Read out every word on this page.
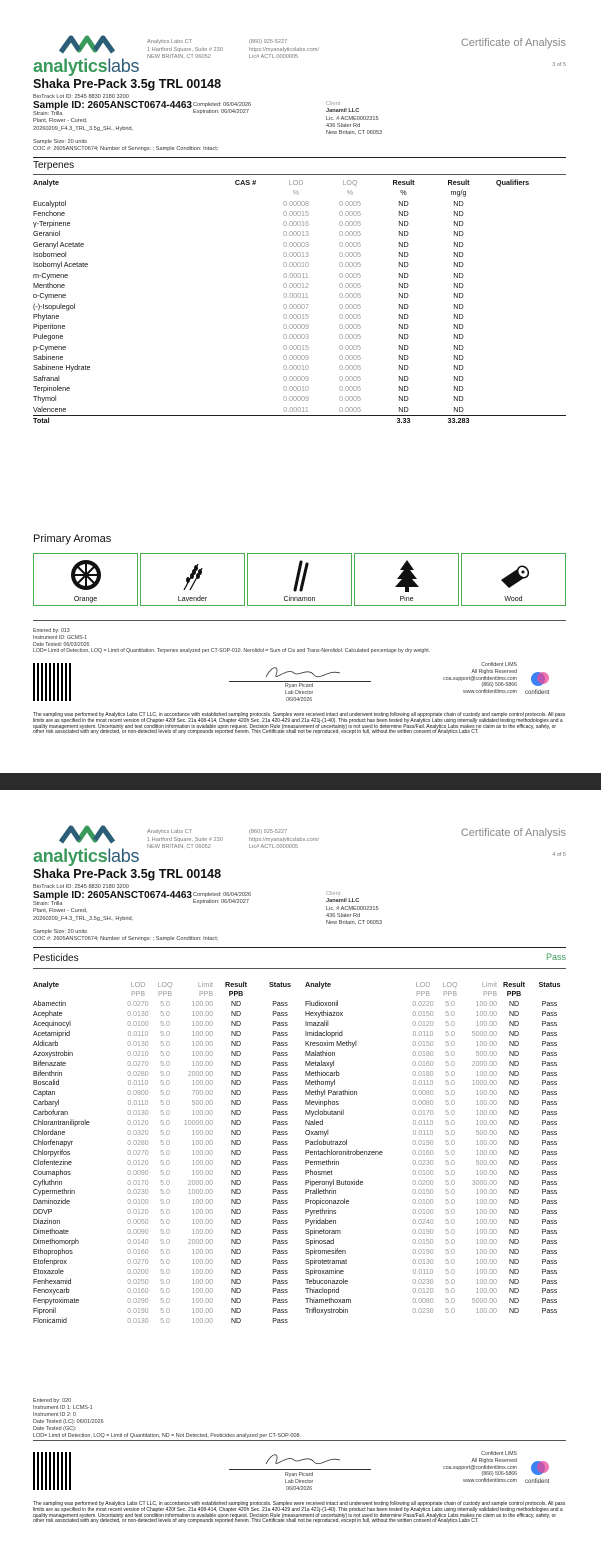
analyticslabs
Analytics Labs CT
1 Hartford Square, Suite # 230
NEW BRITAIN, CT 06052
(860) 925-5227
https://myanalyticslabs.com/
Lic# ACTL.0000005
Certificate of Analysis
3 of 5
Shaka Pre-Pack 3.5g TRL 00148
BioTrack Lot ID: 2545 8830 2180 3200
Sample ID: 2605ANSCT0674-4463 Completed: 06/04/2026
Expiration: 06/04/2027
Strain: Trilla
Plant, Flower - Cured,
20260209_F4.3_TRL_3.5g_SH., Hybrid,
Sample Size: 20 units
COC #: 2605ANSCT0674; Number of Servings: ; Sample Condition: Intact;
Client
Janamil LLC
Lic. # ACME0002315
436 Slater Rd
New Britain, CT 06053
Terpenes
Analyte	CAS #	LOD	LOQ	Result	Result	Qualifiers
		%	%	%	mg/g	
Eucalyptol		0.00008	0.0005	ND	ND	
Fenchone		0.00015	0.0005	ND	ND	
γ-Terpinene		0.00016	0.0005	ND	ND	
Geraniol		0.00013	0.0005	ND	ND	
Geranyl Acetate		0.00003	0.0005	ND	ND	
Isoborneol		0.00013	0.0005	ND	ND	
Isobornyl Acetate		0.00010	0.0005	ND	ND	
m-Cymene		0.00011	0.0005	ND	ND	
Menthone		0.00012	0.0005	ND	ND	
o-Cymene		0.00011	0.0005	ND	ND	
(-)-Isopulegol		0.00007	0.0005	ND	ND	
Phytane		0.00015	0.0005	ND	ND	
Piperitone		0.00009	0.0005	ND	ND	
Pulegone		0.00003	0.0005	ND	ND	
p-Cymene		0.00015	0.0005	ND	ND	
Sabinene		0.00009	0.0005	ND	ND	
Sabinene Hydrate		0.00010	0.0005	ND	ND	
Safranal		0.00009	0.0005	ND	ND	
Terpinolene		0.00010	0.0005	ND	ND	
Thymol		0.00009	0.0005	ND	ND	
Valencene		0.00011	0.0005	ND	ND	
Total				3.33	33.283	
Primary Aromas
Orange	Lavender	Cinnamon	Pine	Wood
Entered by: 013
Instrument ID: GCMS-1
Date Tested: 06/03/2026
LOD= Limit of Detection, LOQ = Limit of Quantitation. Terpenes analyzed per CT-SOP-010. Nerolidol = Sum of Cis and Trans-Nerolidol. Calculated percentage by dry weight.
Ryan Picard
Lab Director
06/04/2026
Confident LIMS
All Rights Reserved
coa.support@confidentlims.com
(866) 506-5866
www.confidentlims.com confident
The sampling was performed by Analytics Labs CT LLC, in accordance with established sampling protocols. Samples were received intact and underwent testing following all appropriate chain of custody and sample control protocols. All pass limits are as specified in the most recent version of Chapter 420f Sec. 21a 408-414, Chapter 420h Sec. 21a 420-429 and 21a 421j-(1-40). This product has been tested by Analytics Labs using internally validated testing methodologies and a quality management system. Uncertainty and test condition information is available upon request. Decision Rule (measurement of uncertainty) is not used to determine Pass/Fail. Analytics Labs makes no claim as to the efficacy, safety, or other risk associated with any detected, or non-detected levels of any compounds reported herein. This Certificate shall not be reproduced, except in full, without the written consent of Analytics Labs CT.
analyticslabs
Analytics Labs CT
1 Hartford Square, Suite # 230
NEW BRITAIN, CT 06052
(860) 925-5227
https://myanalyticslabs.com/
Lic# ACTL.0000005
Certificate of Analysis
4 of 5
Shaka Pre-Pack 3.5g TRL 00148
BioTrack Lot ID: 2545 8830 2180 3200
Sample ID: 2605ANSCT0674-4463 Completed: 06/04/2026
Expiration: 06/04/2027
Strain: Trilla
Plant, Flower - Cured,
20260209_F4.3_TRL_3.5g_SH., Hybrid,
Sample Size: 20 units
COC #: 2605ANSCT0674; Number of Servings: ; Sample Condition: Intact;
Client
Janamil LLC
Lic. # ACME0002315
436 Slater Rd
New Britain, CT 06053
Pesticides	Pass
Analyte	LOD	LOQ	Limit	Result	Status
	PPB	PPB	PPB	PPB	
Abamectin	0.0270	5.0	100.00	ND	Pass
Acephate	0.0130	5.0	100.00	ND	Pass
Acequinocyl	0.0100	5.0	100.00	ND	Pass
Acetamiprid	0.0110	5.0	100.00	ND	Pass
Aldicarb	0.0130	5.0	100.00	ND	Pass
Azoxystrobin	0.0210	5.0	100.00	ND	Pass
Bifenazate	0.0270	5.0	100.00	ND	Pass
Bifenthrin	0.0280	5.0	2000.00	ND	Pass
Boscalid	0.0110	5.0	100.00	ND	Pass
Captan	0.0900	5.0	700.00	ND	Pass
Carbaryl	0.0110	5.0	500.00	ND	Pass
Carbofuran	0.0130	5.0	100.00	ND	Pass
Chlorantraniliprole	0.0120	5.0	10000.00	ND	Pass
Chlordane	0.0320	5.0	100.00	ND	Pass
Chlorfenapyr	0.0280	5.0	100.00	ND	Pass
Chlorpyrifos	0.0270	5.0	100.00	ND	Pass
Clofentezine	0.0120	5.0	100.00	ND	Pass
Coumaphos	0.0090	5.0	100.00	ND	Pass
Cyfluthrin	0.0170	5.0	2000.00	ND	Pass
Cypermethrin	0.0230	5.0	1000.00	ND	Pass
Daminozide	0.0100	5.0	100.00	ND	Pass
DDVP	0.0120	5.0	100.00	ND	Pass
Diazinon	0.0050	5.0	100.00	ND	Pass
Dimethoate	0.0090	5.0	100.00	ND	Pass
Dimethomorph	0.0140	5.0	2000.00	ND	Pass
Ethoprophos	0.0160	5.0	100.00	ND	Pass
Etofenprox	0.0270	5.0	100.00	ND	Pass
Etoxazole	0.0200	5.0	100.00	ND	Pass
Fenhexamid	0.0250	5.0	100.00	ND	Pass
Fenoxycarb	0.0160	5.0	100.00	ND	Pass
Fenpyroximate	0.0290	5.0	100.00	ND	Pass
Fipronil	0.0190	5.0	100.00	ND	Pass
Flonicamid	0.0130	5.0	100.00	ND	Pass
Analyte	LOD	LOQ	Limit	Result	Status
	PPB	PPB	PPB	PPB	
Fludioxonil	0.0220	5.0	100.00	ND	Pass
Hexythiazox	0.0150	5.0	100.00	ND	Pass
Imazalil	0.0120	5.0	100.00	ND	Pass
Imidacloprid	0.0110	5.0	5000.00	ND	Pass
Kresoxim Methyl	0.0150	5.0	100.00	ND	Pass
Malathion	0.0180	5.0	500.00	ND	Pass
Metalaxyl	0.0160	5.0	2000.00	ND	Pass
Methiocarb	0.0180	5.0	100.00	ND	Pass
Methomyl	0.0110	5.0	1000.00	ND	Pass
Methyl Parathion	0.0080	5.0	100.00	ND	Pass
Mevinphos	0.0080	5.0	100.00	ND	Pass
Myclobutanil	0.0170	5.0	100.00	ND	Pass
Naled	0.0110	5.0	100.00	ND	Pass
Oxamyl	0.0110	5.0	500.00	ND	Pass
Paclobutrazol	0.0190	5.0	100.00	ND	Pass
Pentachloronitrobenzene	0.0160	5.0	100.00	ND	Pass
Permethrin	0.0230	5.0	500.00	ND	Pass
Phosmet	0.0100	5.0	100.00	ND	Pass
Piperonyl Butoxide	0.0200	5.0	3000.00	ND	Pass
Prallethrin	0.0150	5.0	100.00	ND	Pass
Propiconazole	0.0100	5.0	100.00	ND	Pass
Pyrethrins	0.0100	5.0	100.00	ND	Pass
Pyridaben	0.0240	5.0	100.00	ND	Pass
Spinetoram	0.0190	5.0	100.00	ND	Pass
Spinosad	0.0150	5.0	100.00	ND	Pass
Spiromesifen	0.0190	5.0	100.00	ND	Pass
Spirotetramat	0.0130	5.0	100.00	ND	Pass
Spiroxamine	0.0110	5.0	100.00	ND	Pass
Tebuconazole	0.0230	5.0	100.00	ND	Pass
Thiacloprid	0.0120	5.0	100.00	ND	Pass
Thiamethoxam	0.0080	5.0	5000.00	ND	Pass
Trifloxystrobin	0.0230	5.0	100.00	ND	Pass
Entered by: 020
Instrument ID 1: LCMS-1
Instrument ID 2: 0
Date Tested (LC): 06/01/2026
Date Tested (GC):
LOD= Limit of Detection, LOQ = Limit of Quantitation, ND = Not Detected, Pesticides analyzed per CT-SOP-008.
Ryan Picard
Lab Director
06/04/2026
Confident LIMS
All Rights Reserved
coa.support@confidentlims.com
(866) 506-5866
www.confidentlims.com confident
The sampling was performed by Analytics Labs CT LLC, in accordance with established sampling protocols. Samples were received intact and underwent testing following all appropriate chain of custody and sample control protocols. All pass limits are as specified in the most recent version of Chapter 420f Sec. 21a 408-414, Chapter 420h Sec. 21a 420-429 and 21a 421j-(1-40). This product has been tested by Analytics Labs using internally validated testing methodologies and a quality management system. Uncertainty and test condition information is available upon request. Decision Rule (measurement of uncertainty) is not used to determine Pass/Fail. Analytics Labs makes no claim as to the efficacy, safety, or other risk associated with any detected, or non-detected levels of any compounds reported herein. This Certificate shall not be reproduced, except in full, without the written consent of Analytics Labs CT.
